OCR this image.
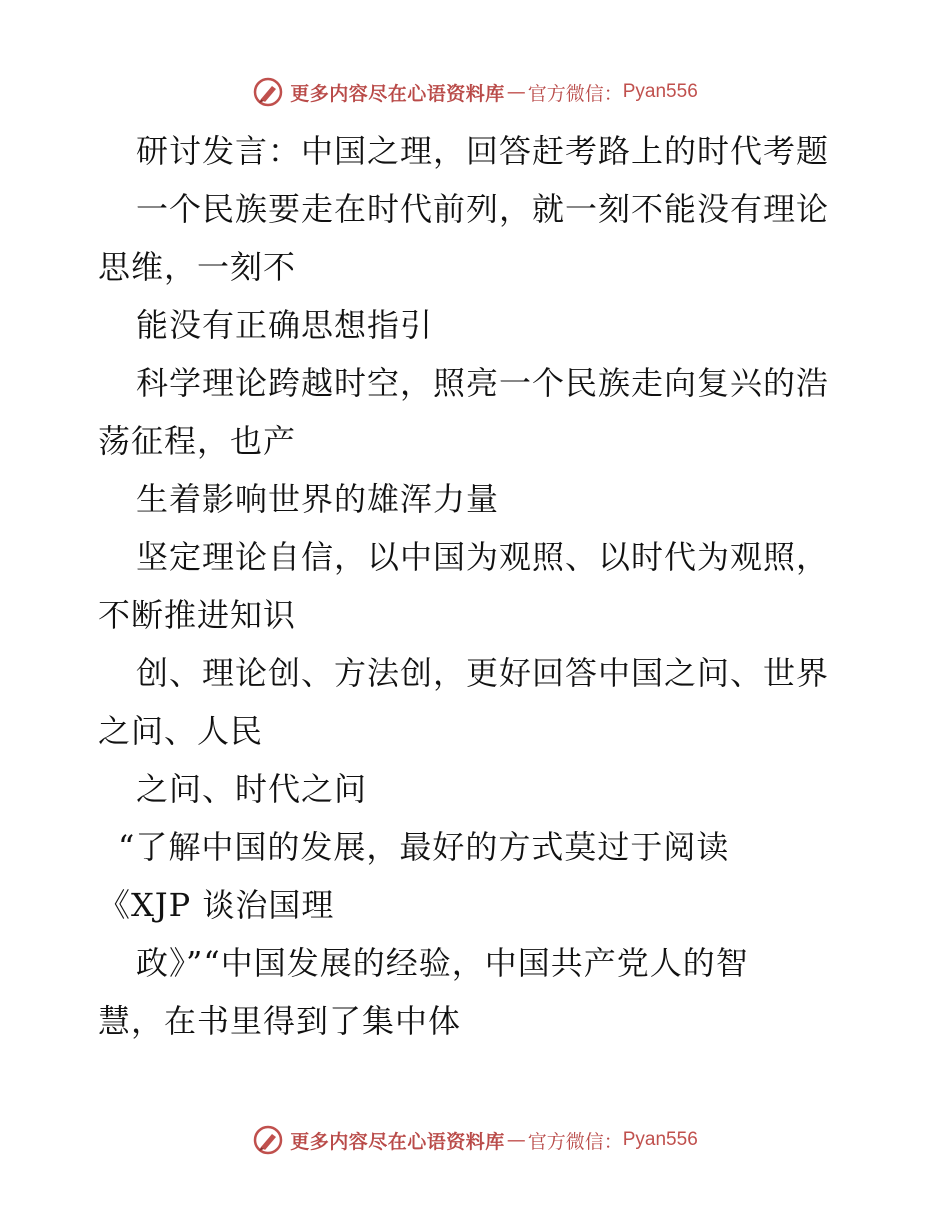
更多内容尽在心语资料库 — 官方微信： Pyan556
研讨发言：中国之理，回答赶考路上的时代考题
一个民族要走在时代前列，就一刻不能没有理论
思维，一刻不
能没有正确思想指引
科学理论跨越时空，照亮一个民族走向复兴的浩
荡征程，也产
生着影响世界的雄浑力量
坚定理论自信，以中国为观照、以时代为观照，
不断推进知识
创、理论创、方法创，更好回答中国之问、世界
之问、人民
之问、时代之问
“了解中国的发展，最好的方式莫过于阅读
《XJP 谈治国理
政》”“中国发展的经验，中国共产党人的智
慧，在书里得到了集中体
更多内容尽在心语资料库 — 官方微信： Pyan556
